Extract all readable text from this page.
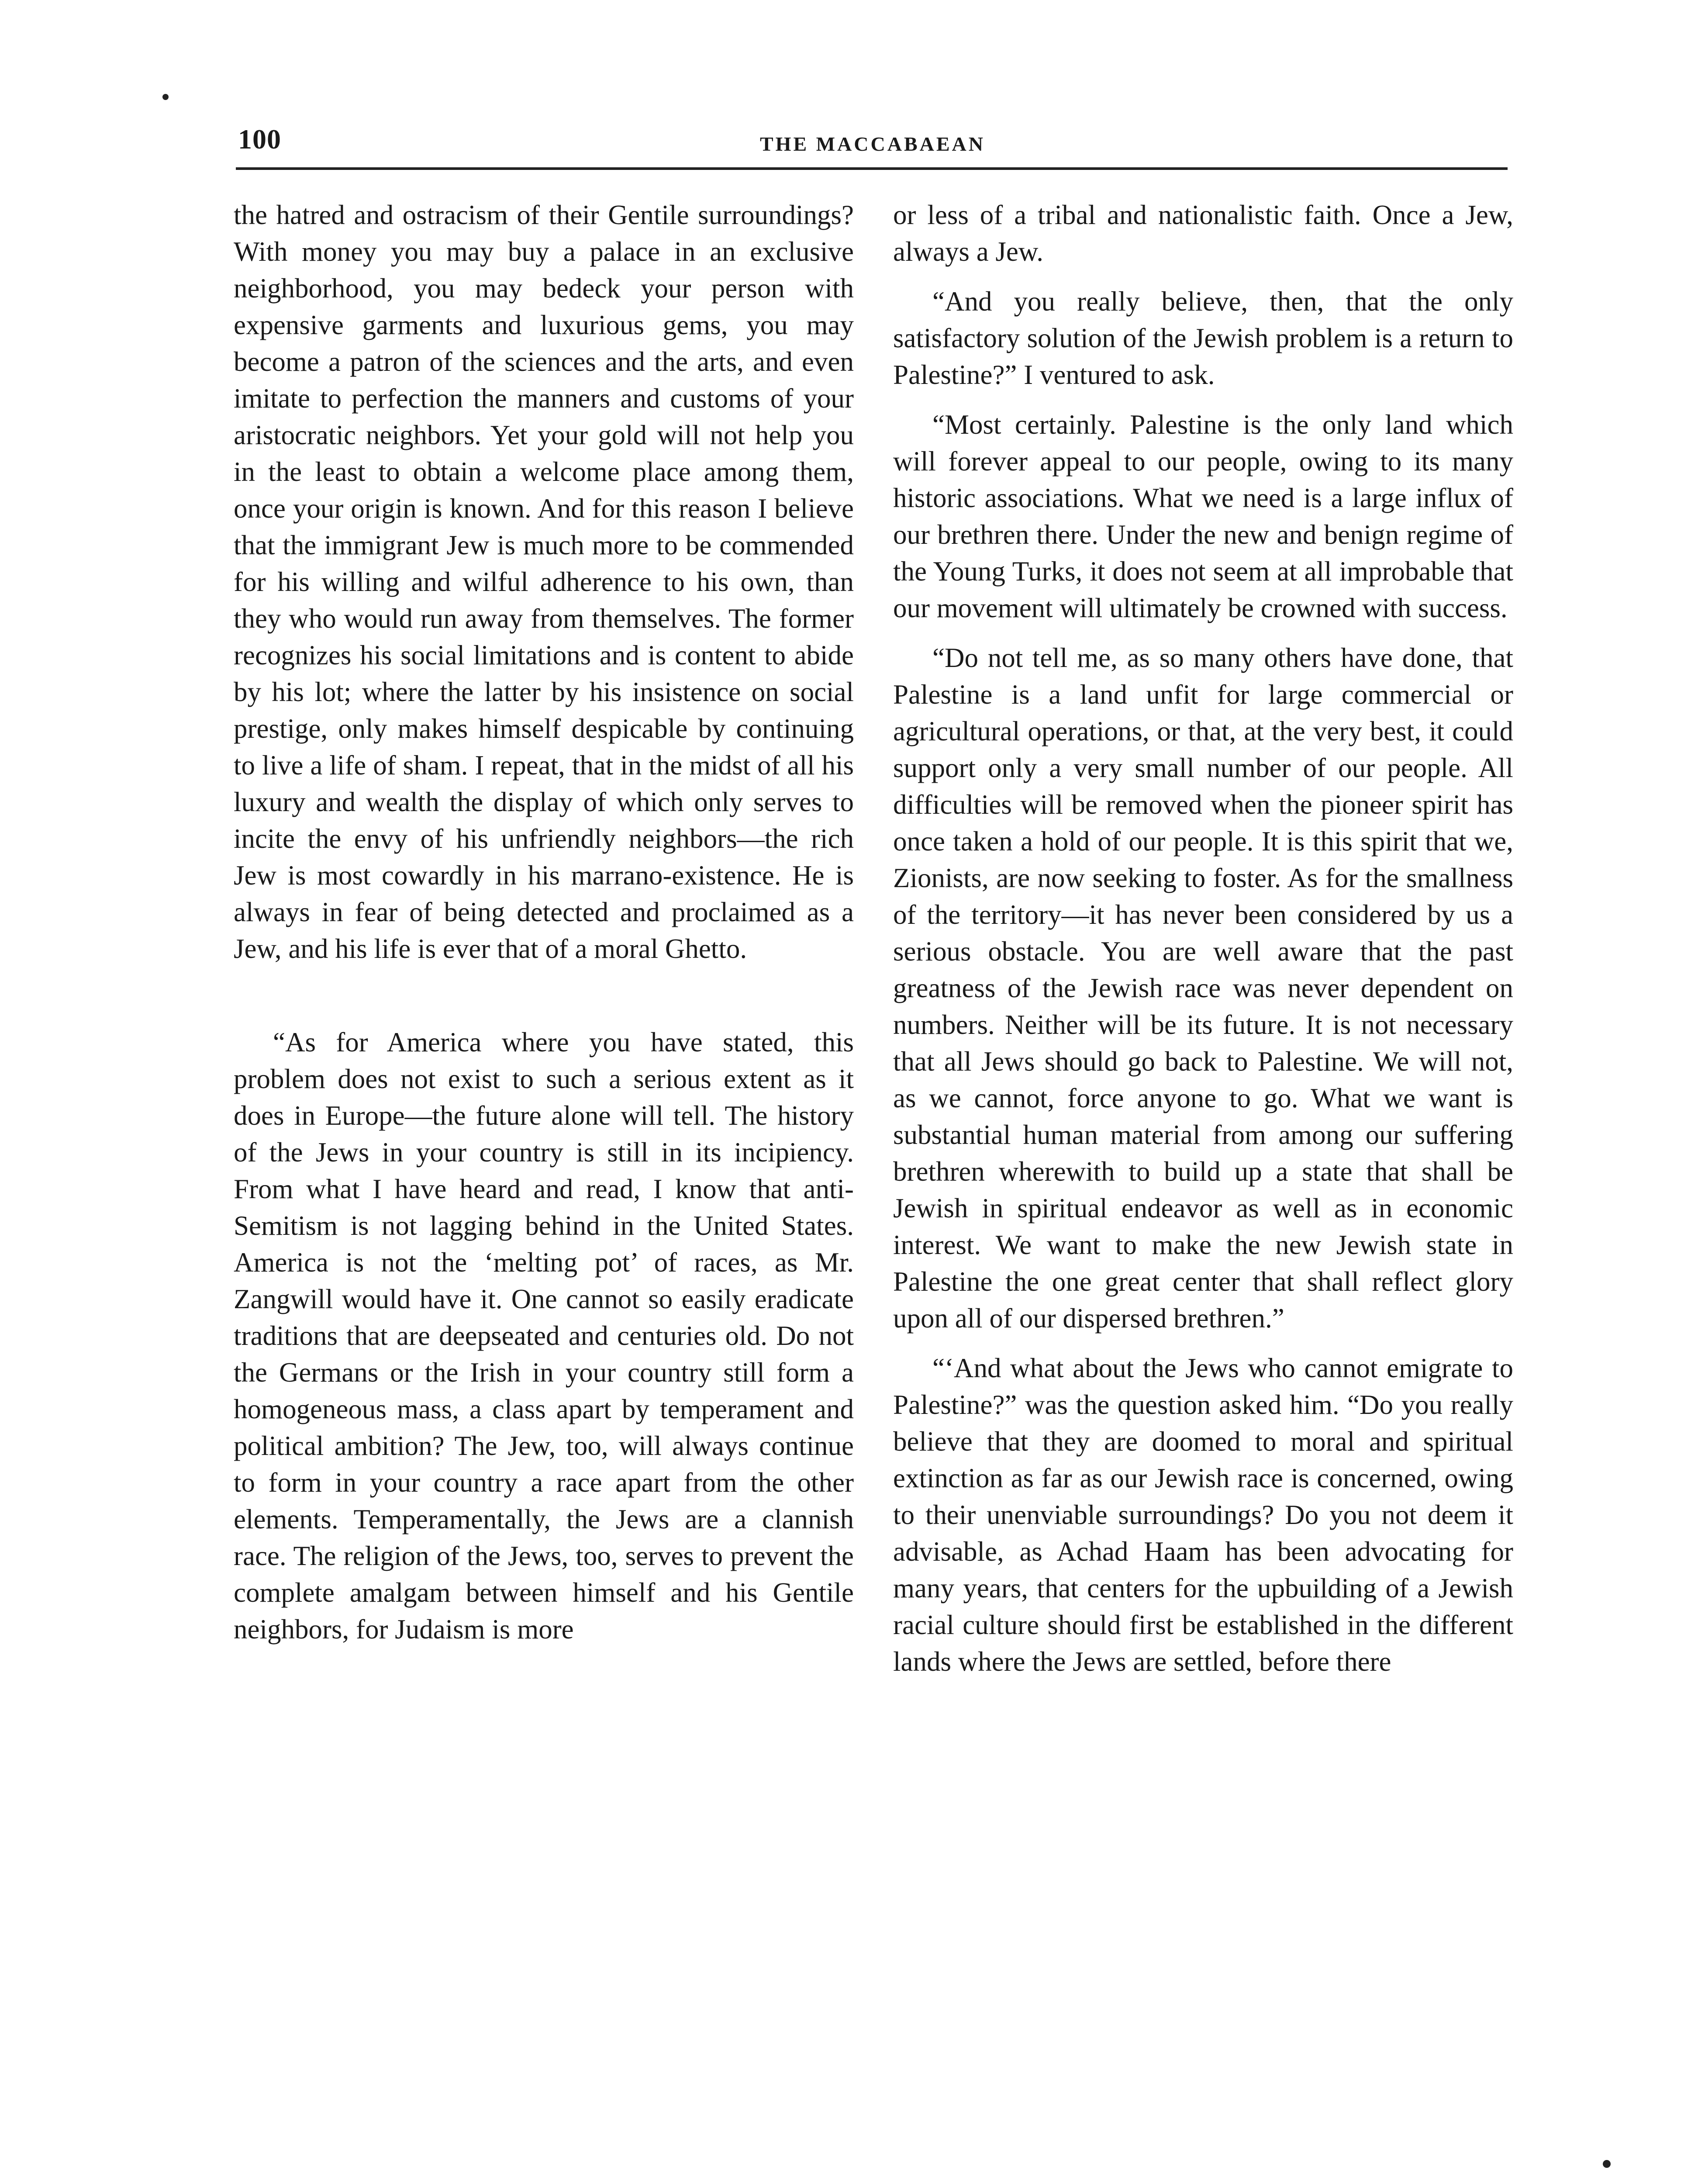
100	THE MACCABAEAN

the hatred and ostracism of their Gentile surroundings? With money you may buy a palace in an exclusive neighborhood, you may bedeck your person with expensive garments and luxurious gems, you may become a patron of the sciences and the arts, and even imitate to perfection the manners and customs of your aristocratic neighbors. Yet your gold will not help you in the least to obtain a welcome place among them, once your origin is known. And for this reason I believe that the immigrant Jew is much more to be commended for his willing and wilful adherence to his own, than they who would run away from themselves. The former recognizes his social limitations and is content to abide by his lot; where the latter by his insistence on social prestige, only makes himself despicable by continuing to live a life of sham. I repeat, that in the midst of all his luxury and wealth the display of which only serves to incite the envy of his unfriendly neighbors—the rich Jew is most cowardly in his marrano-existence. He is always in fear of being detected and proclaimed as a Jew, and his life is ever that of a moral Ghetto.

“As for America where you have stated, this problem does not exist to such a serious extent as it does in Europe—the future alone will tell. The history of the Jews in your country is still in its incipiency. From what I have heard and read, I know that anti-Semitism is not lagging behind in the United States. America is not the ‘melting pot’ of races, as Mr. Zangwill would have it. One cannot so easily eradicate traditions that are deepseated and centuries old. Do not the Germans or the Irish in your country still form a homogeneous mass, a class apart by temperament and political ambition? The Jew, too, will always continue to form in your country a race apart from the other elements. Temperamentally, the Jews are a clannish race. The religion of the Jews, too, serves to prevent the complete amalgam between himself and his Gentile neighbors, for Judaism is more

or less of a tribal and nationalistic faith. Once a Jew, always a Jew.

“And you really believe, then, that the only satisfactory solution of the Jewish problem is a return to Palestine?” I ventured to ask.

“Most certainly. Palestine is the only land which will forever appeal to our people, owing to its many historic associations. What we need is a large influx of our brethren there. Under the new and benign regime of the Young Turks, it does not seem at all improbable that our movement will ultimately be crowned with success.

“Do not tell me, as so many others have done, that Palestine is a land unfit for large commercial or agricultural operations, or that, at the very best, it could support only a very small number of our people. All difficulties will be removed when the pioneer spirit has once taken a hold of our people. It is this spirit that we, Zionists, are now seeking to foster. As for the smallness of the territory—it has never been considered by us a serious obstacle. You are well aware that the past greatness of the Jewish race was never dependent on numbers. Neither will be its future. It is not necessary that all Jews should go back to Palestine. We will not, as we cannot, force anyone to go. What we want is substantial human material from among our suffering brethren wherewith to build up a state that shall be Jewish in spiritual endeavor as well as in economic interest. We want to make the new Jewish state in Palestine the one great center that shall reflect glory upon all of our dispersed brethren.”

“‘And what about the Jews who cannot emigrate to Palestine?” was the question asked him. “Do you really believe that they are doomed to moral and spiritual extinction as far as our Jewish race is concerned, owing to their unenviable surroundings? Do you not deem it advisable, as Achad Haam has been advocating for many years, that centers for the upbuilding of a Jewish racial culture should first be established in the different lands where the Jews are settled, before there
